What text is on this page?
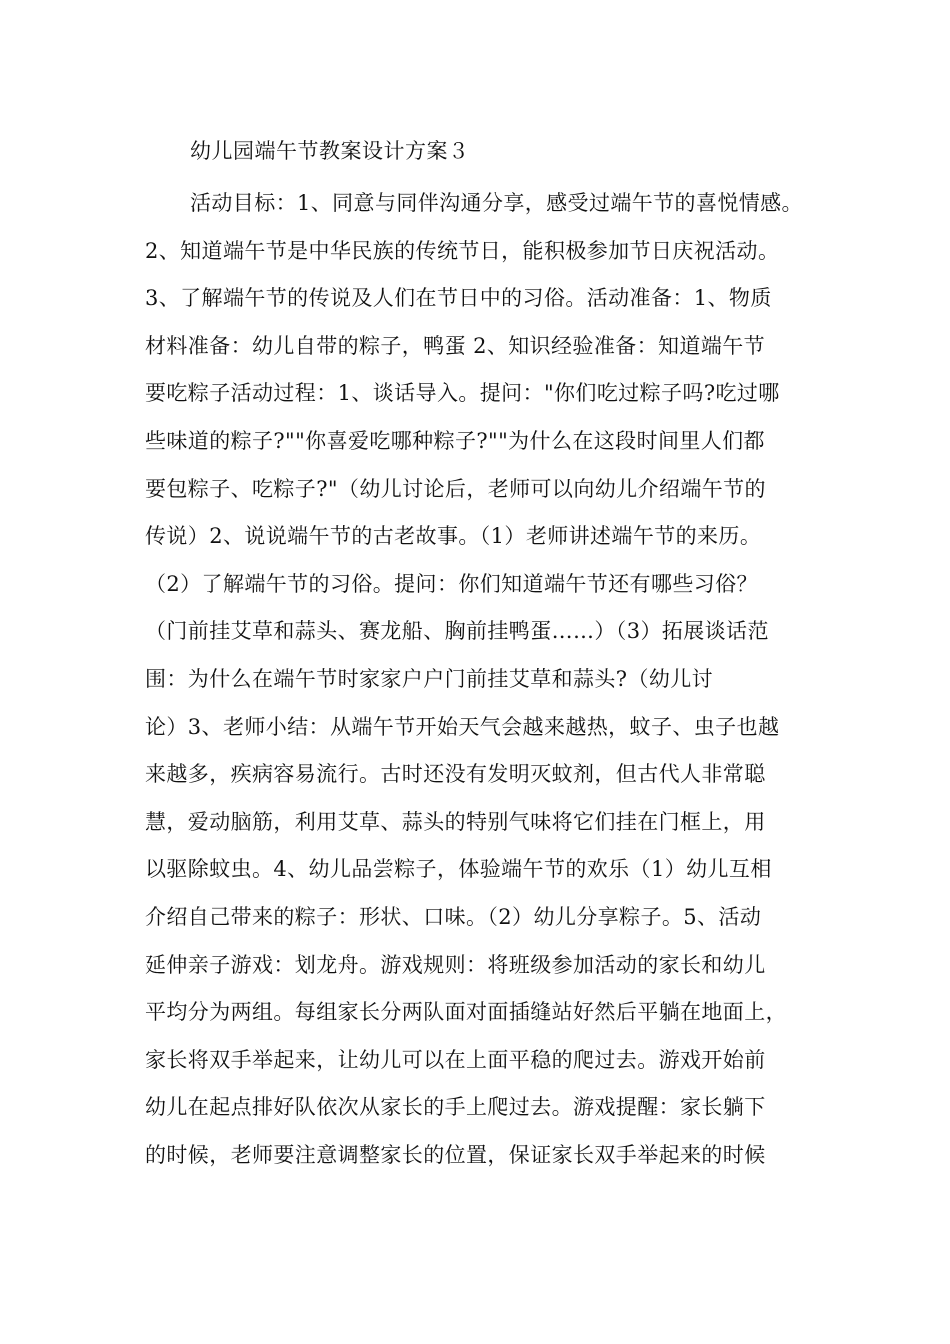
幼儿园端午节教案设计方案３
活动目标：1、同意与同伴沟通分享，感受过端午节的喜悦情感。
2、知道端午节是中华民族的传统节日，能积极参加节日庆祝活动。
3、了解端午节的传说及人们在节日中的习俗。活动准备：1、物质
材料准备：幼儿自带的粽子，鸭蛋 2、知识经验准备：知道端午节
要吃粽子活动过程：1、谈话导入。提问："你们吃过粽子吗?吃过哪
些味道的粽子?""你喜爱吃哪种粽子?""为什么在这段时间里人们都
要包粽子、吃粽子?"（幼儿讨论后，老师可以向幼儿介绍端午节的
传说）2、说说端午节的古老故事。（1）老师讲述端午节的来历。
（2）了解端午节的习俗。提问：你们知道端午节还有哪些习俗？
（门前挂艾草和蒜头、赛龙船、胸前挂鸭蛋……）（3）拓展谈话范
围：为什么在端午节时家家户户门前挂艾草和蒜头?（幼儿讨
论）3、老师小结：从端午节开始天气会越来越热，蚊子、虫子也越
来越多，疾病容易流行。古时还没有发明灭蚊剂，但古代人非常聪
慧，爱动脑筋，利用艾草、蒜头的特别气味将它们挂在门框上，用
以驱除蚊虫。4、幼儿品尝粽子，体验端午节的欢乐（1）幼儿互相
介绍自己带来的粽子：形状、口味。（2）幼儿分享粽子。5、活动
延伸亲子游戏：划龙舟。游戏规则：将班级参加活动的家长和幼儿
平均分为两组。每组家长分两队面对面插缝站好然后平躺在地面上，
家长将双手举起来，让幼儿可以在上面平稳的爬过去。游戏开始前
幼儿在起点排好队依次从家长的手上爬过去。游戏提醒：家长躺下
的时候，老师要注意调整家长的位置，保证家长双手举起来的时候
